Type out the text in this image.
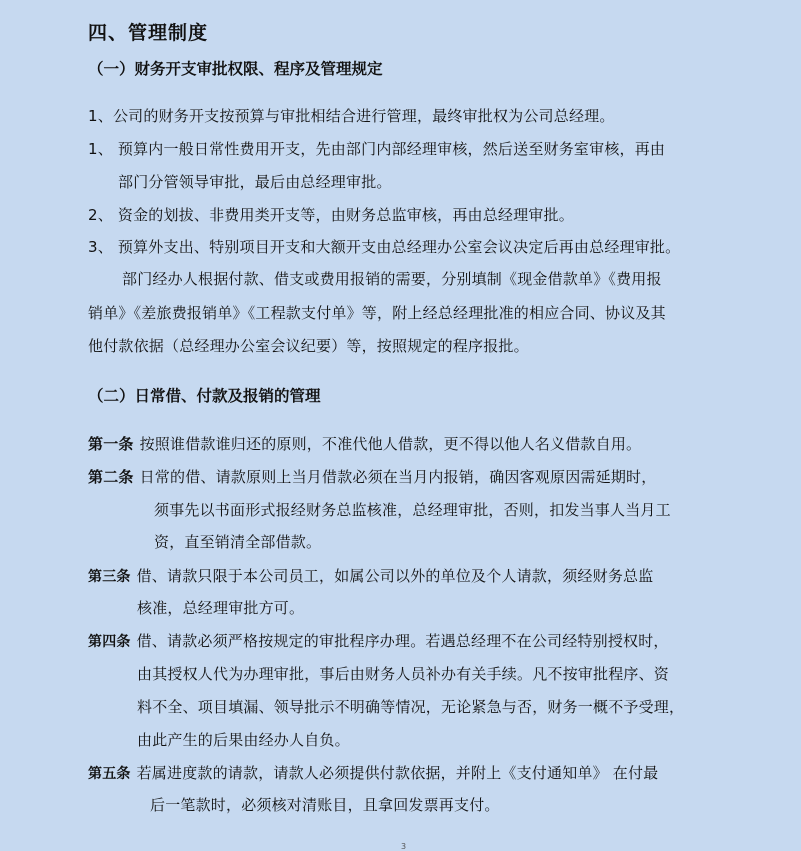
四、管理制度
（一）财务开支审批权限、程序及管理规定
1、公司的财务开支按预算与审批相结合进行管理，最终审批权为公司总经理。
1、 预算内一般日常性费用开支，先由部门内部经理审核，然后送至财务室审核，再由
部门分管领导审批，最后由总经理审批。
2、 资金的划拔、非费用类开支等，由财务总监审核，再由总经理审批。
3、 预算外支出、特别项目开支和大额开支由总经理办公室会议决定后再由总经理审批。
部门经办人根据付款、借支或费用报销的需要，分别填制《现金借款单》《费用报
销单》《差旅费报销单》《工程款支付单》等，附上经总经理批准的相应合同、协议及其
他付款依据（总经理办公室会议纪要）等，按照规定的程序报批。
（二）日常借、付款及报销的管理
第一条 按照谁借款谁归还的原则，不准代他人借款，更不得以他人名义借款自用。
第二条 日常的借、请款原则上当月借款必须在当月内报销，确因客观原因需延期时，
须事先以书面形式报经财务总监核准，总经理审批，否则，扣发当事人当月工
资，直至销清全部借款。
第三条 借、请款只限于本公司员工，如属公司以外的单位及个人请款，须经财务总监
核准，总经理审批方可。
第四条 借、请款必须严格按规定的审批程序办理。若遇总经理不在公司经特别授权时，
由其授权人代为办理审批，事后由财务人员补办有关手续。凡不按审批程序、资
料不全、项目填漏、领导批示不明确等情况，无论紧急与否，财务一概不予受理，
由此产生的后果由经办人自负。
第五条 若属进度款的请款，请款人必须提供付款依据，并附上《支付通知单》 在付最
后一笔款时，必须核对清账目，且拿回发票再支付。
3
